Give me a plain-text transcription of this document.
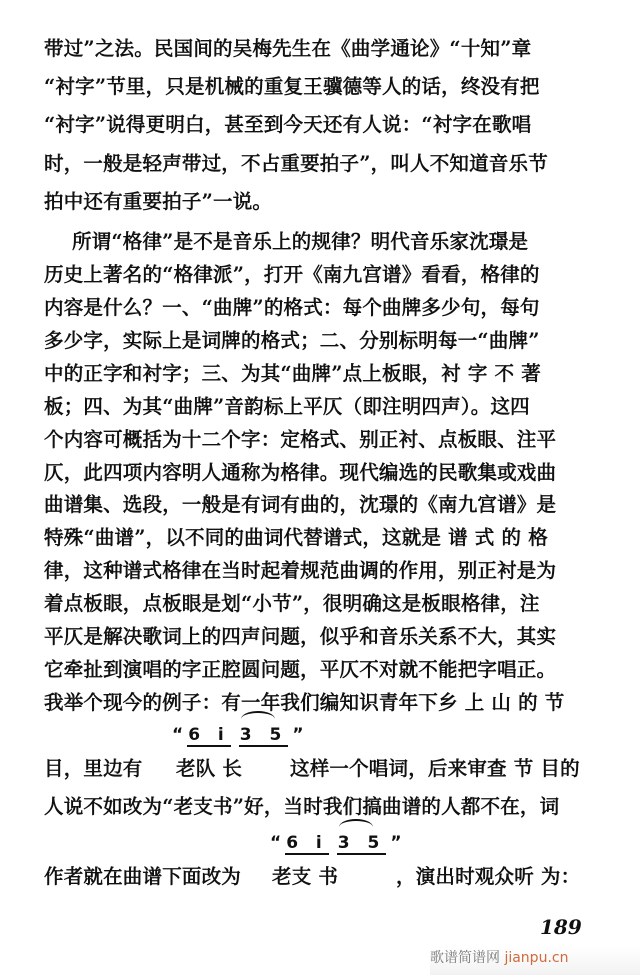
带过”之法。民国间的吴梅先生在《曲学通论》“十知”章
“衬字”节里，只是机械的重复王骥德等人的话，终没有把
“衬字”说得更明白，甚至到今天还有人说：“衬字在歌唱
时，一般是轻声带过，不占重要拍子”，叫人不知道音乐节
拍中还有重要拍子”一说。
所谓“格律”是不是音乐上的规律？明代音乐家沈璟是
历史上著名的“格律派”，打开《南九宫谱》看看，格律的
内容是什么？一、“曲牌”的格式：每个曲牌多少句，每句
多少字，实际上是词牌的格式；二、分别标明每一“曲牌”
中的正字和衬字；三、为其“曲牌”点上板眼，衬 字 不 著
板；四、为其“曲牌”音韵标上平仄（即注明四声）。这四
个内容可概括为十二个字：定格式、别正衬、点板眼、注平
仄，此四项内容明人通称为格律。现代编选的民歌集或戏曲
曲谱集、选段，一般是有词有曲的，沈璟的《南九宫谱》是
特殊“曲谱”，以不同的曲词代替谱式，这就是 谱 式 的 格
律，这种谱式格律在当时起着规范曲调的作用，别正衬是为
着点板眼，点板眼是划“小节”，很明确这是板眼格律，注
平仄是解决歌词上的四声问题，似乎和音乐关系不大，其实
“ 6 i 3 5 ”
目，里边有 老队 长 这样一个唱词，后来审查 节 目的
人说不如改为“老支书”好，当时我们搞曲谱的人都不在，词
“ 6 i 3 5 ”
作者就在曲谱下面改为 老支 书	，演出时观众听 为：
189
歌谱简谱网 jianpu.cn
它牵扯到演唱的字正腔圆问题，平仄不对就不能把字唱正。
我举个现今的例子：有一年我们编知识青年下乡 上 山 的 节
